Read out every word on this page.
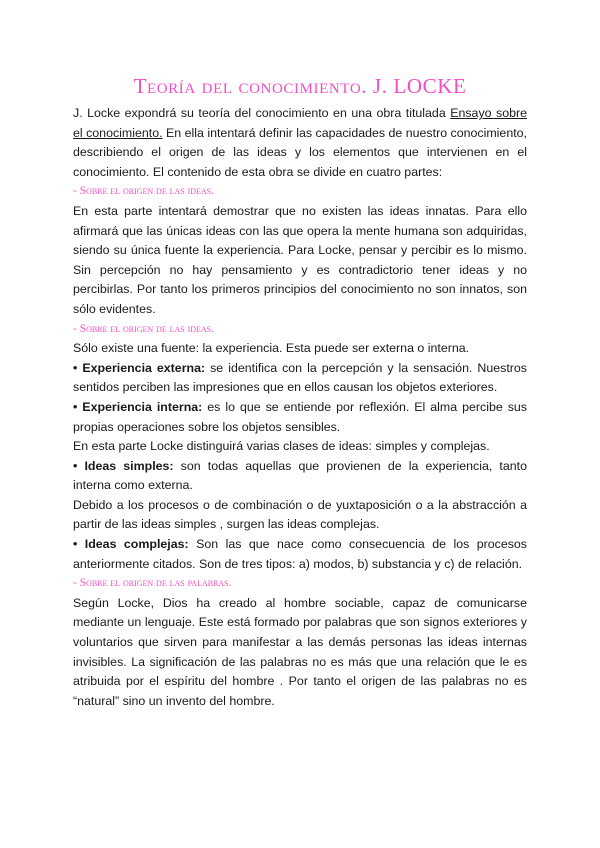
Teoría del conocimiento. J. LOCKE

J. Locke expondrá su teoría del conocimiento en una obra titulada Ensayo sobre el conocimiento. En ella intentará definir las capacidades de nuestro conocimiento, describiendo el origen de las ideas y los elementos que intervienen en el conocimiento. El contenido de esta obra se divide en cuatro partes:

- Sobre el origen de las ideas.

En esta parte intentará demostrar que no existen las ideas innatas. Para ello afirmará que las únicas ideas con las que opera la mente humana son adquiridas, siendo su única fuente la experiencia. Para Locke, pensar y percibir es lo mismo. Sin percepción no hay pensamiento y es contradictorio tener ideas y no percibirlas. Por tanto los primeros principios del conocimiento no son innatos, son sólo evidentes.

- Sobre el origen de las ideas.

Sólo existe una fuente: la experiencia. Esta puede ser externa o interna.

• Experiencia externa: se identifica con la percepción y la sensación. Nuestros sentidos perciben las impresiones que en ellos causan los objetos exteriores.

• Experiencia interna: es lo que se entiende por reflexión. El alma percibe sus propias operaciones sobre los objetos sensibles.

En esta parte Locke distinguirá varias clases de ideas: simples y complejas.

• Ideas simples: son todas aquellas que provienen de la experiencia, tanto interna como externa.

Debido a los procesos o de combinación o de yuxtaposición o a la abstracción a partir de las ideas simples , surgen las ideas complejas.

• Ideas complejas: Son las que nace como consecuencia de los procesos anteriormente citados. Son de tres tipos: a) modos, b) substancia y c) de relación.

- Sobre el origen de las palabras.

Según Locke, Dios ha creado al hombre sociable, capaz de comunicarse mediante un lenguaje. Este está formado por palabras que son signos exteriores y voluntarios que sirven para manifestar a las demás personas las ideas internas invisibles. La significación de las palabras no es más que una relación que le es atribuida por el espíritu del hombre . Por tanto el origen de las palabras no es “natural” sino un invento del hombre.
